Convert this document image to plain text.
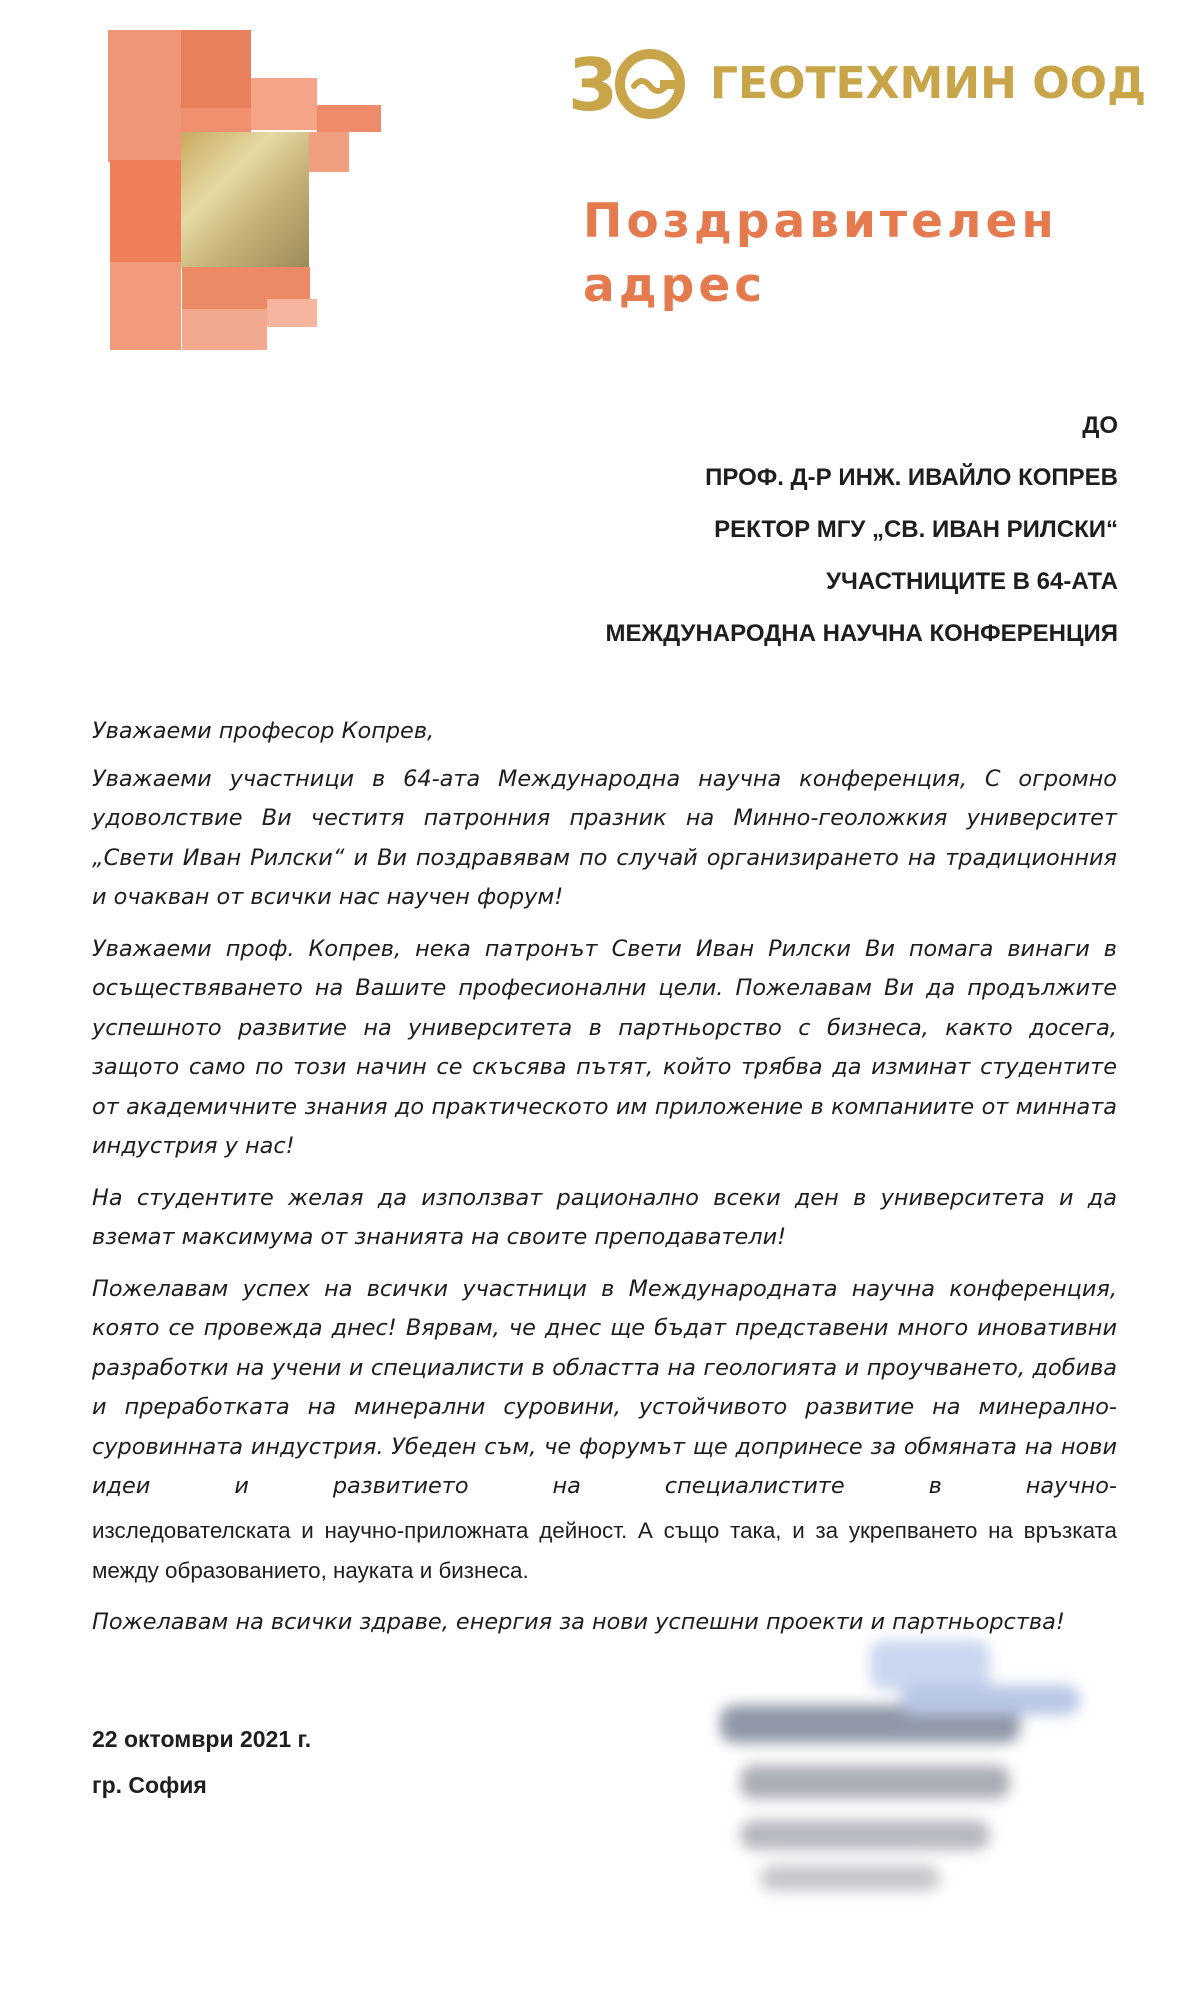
3 ГЕОТЕХМИН ООД
Поздравителен адрес
ДО
ПРОФ. Д-Р ИНЖ. ИВАЙЛО КОПРЕВ
РЕКТОР МГУ „СВ. ИВАН РИЛСКИ“
УЧАСТНИЦИТЕ В 64-АТА
МЕЖДУНАРОДНА НАУЧНА КОНФЕРЕНЦИЯ

Уважаеми професор Копрев,

Уважаеми участници в 64-ата Международна научна конференция, С огромно удоволствие Ви честитя патронния празник на Минно-геоложкия университет „Свети Иван Рилски“ и Ви поздравявам по случай организирането на традиционния и очакван от всички нас научен форум!

Уважаеми проф. Копрев, нека патронът Свети Иван Рилски Ви помага винаги в осъществяването на Вашите професионални цели. Пожелавам Ви да продължите успешното развитие на университета в партньорство с бизнеса, както досега, защото само по този начин се скъсява пътят, който трябва да изминат студентите от академичните знания до практическото им приложение в компаниите от минната индустрия у нас!

На студентите желая да използват рационално всеки ден в университета и да вземат максимума от знанията на своите преподаватели!

Пожелавам успех на всички участници в Международната научна конференция, която се провежда днес! Вярвам, че днес ще бъдат представени много иновативни разработки на учени и специалисти в областта на геологията и проучването, добива и преработката на минерални суровини, устойчивото развитие на минерално-суровинната индустрия. Убеден съм, че форумът ще допринесе за обмяната на нови идеи и развитието на специалистите в научно-

изследователската и научно-приложната дейност. А също така, и за укрепването на връзката между образованието, науката и бизнеса.

Пожелавам на всички здраве, енергия за нови успешни проекти и партньорства!

22 октомври 2021 г.
гр. София
